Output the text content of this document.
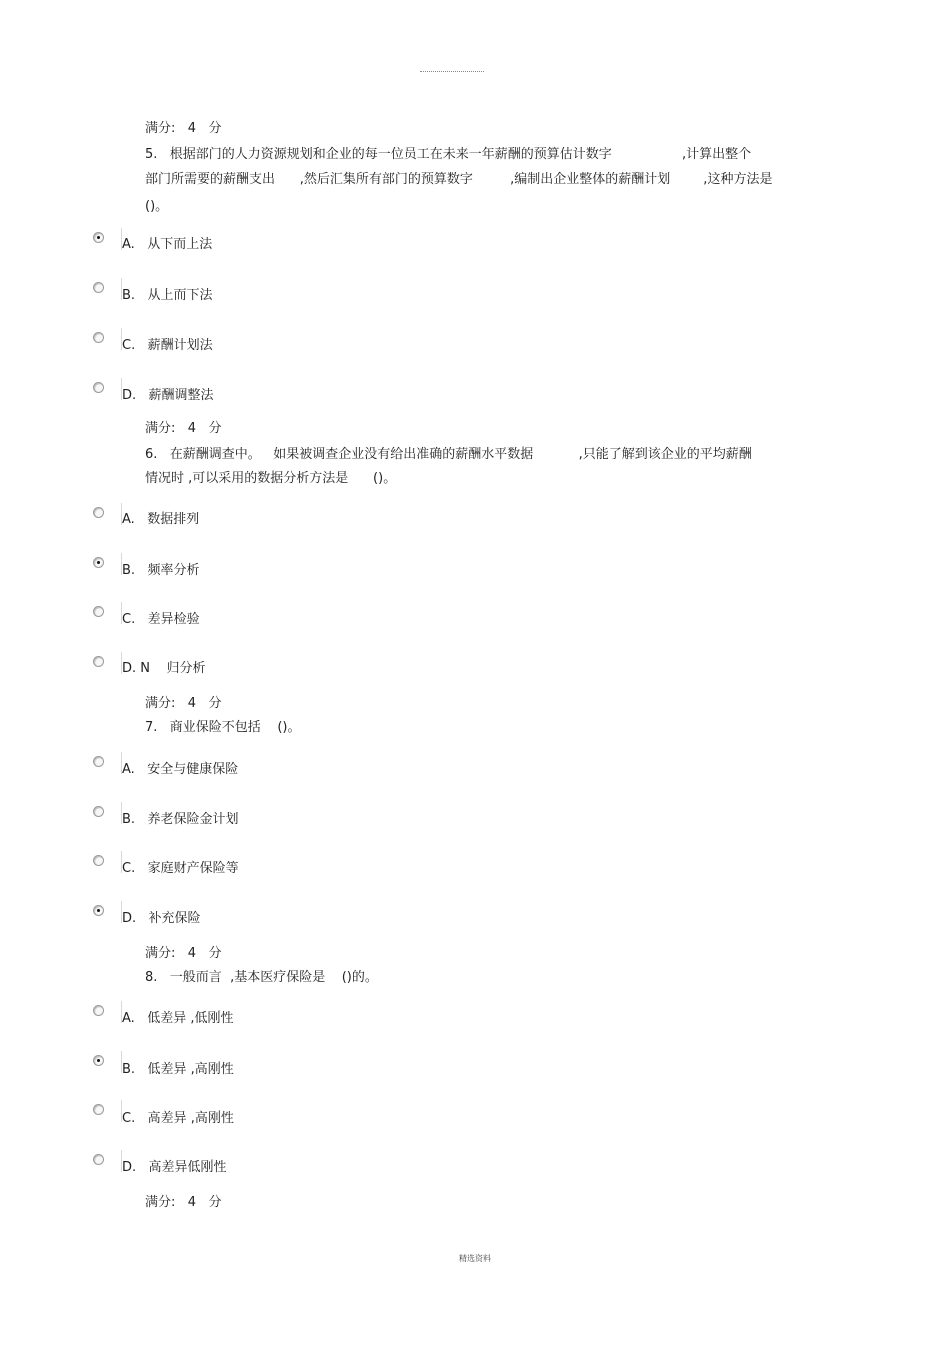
满分:   4   分
5.   根据部门的人力资源规划和企业的每一位员工在未来一年薪酬的预算估计数字                 ,计算出整个
部门所需要的薪酬支出      ,然后汇集所有部门的预算数字         ,编制出企业整体的薪酬计划        ,这种方法是
()。
A.   从下而上法
B.   从上而下法
C.   薪酬计划法
D.   薪酬调整法
满分:   4   分
6.   在薪酬调查中。   如果被调查企业没有给出准确的薪酬水平数据           ,只能了解到该企业的平均薪酬
情况时 ,可以采用的数据分析方法是      ()。
A.   数据排列
B.   频率分析
C.   差异检验
D. N    归分析
满分:   4   分
7.   商业保险不包括    ()。
A.   安全与健康保险
B.   养老保险金计划
C.   家庭财产保险等
D.   补充保险
满分:   4   分
8.   一般而言  ,基本医疗保险是    ()的。
A.   低差异 ,低刚性
B.   低差异 ,高刚性
C.   高差异 ,高刚性
D.   高差异低刚性
满分:   4   分
精选资料
